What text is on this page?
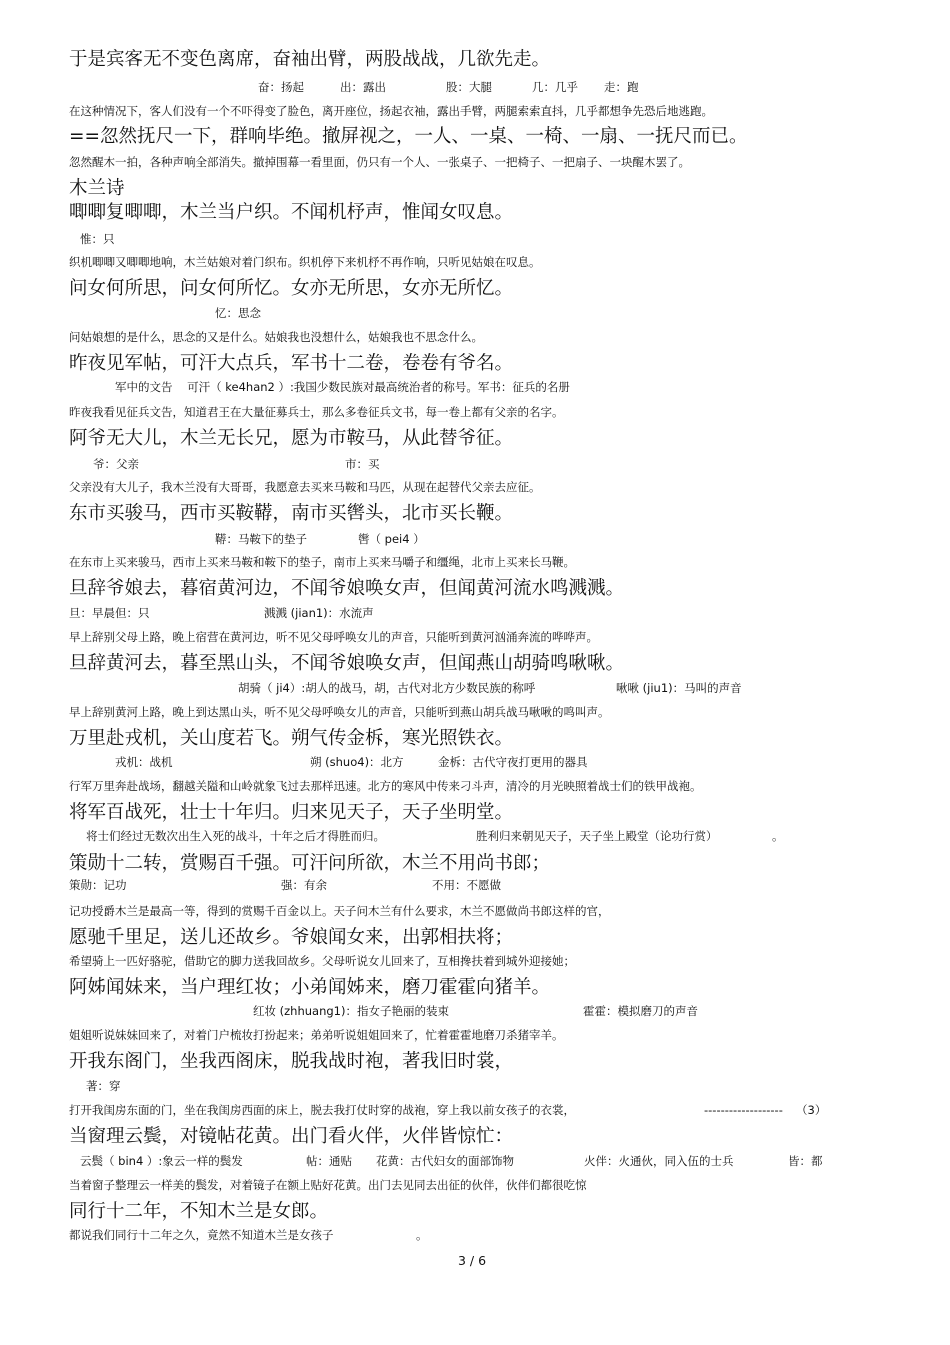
于是宾客无不变色离席，奋袖出臂，两股战战，几欲先走。
奋：扬起	出：露出	股：大腿	几：几乎 走：跑
在这种情况下，客人们没有一个不吓得变了脸色，离开座位，扬起衣袖，露出手臂，两腿索索直抖，几乎都想争先恐后地逃跑。
==忽然抚尺一下，群响毕绝。撤屏视之，一人、一桌、一椅、一扇、一抚尺而已。
忽然醒木一拍，各种声响全部消失。撤掉围幕一看里面，仍只有一个人、一张桌子、一把椅子、一把扇子、一块醒木罢了。
木兰诗
唧唧复唧唧，木兰当户织。不闻机杼声，惟闻女叹息。
惟：只
织机唧唧又唧唧地响，木兰姑娘对着门织布。织机停下来机杼不再作响，只听见姑娘在叹息。
问女何所思，问女何所忆。女亦无所思，女亦无所忆。
忆：思念
问姑娘想的是什么，思念的又是什么。姑娘我也没想什么，姑娘我也不思念什么。
昨夜见军帖，可汗大点兵，军书十二卷，卷卷有爷名。
军中的文告    可汗（ ke4han2 ）:我国少数民族对最高统治者的称号。军书：征兵的名册
昨夜我看见征兵文告，知道君王在大量征募兵士，那么多卷征兵文书，每一卷上都有父亲的名字。
阿爷无大儿，木兰无长兄，愿为市鞍马，从此替爷征。
爷：父亲	市：买
父亲没有大儿子，我木兰没有大哥哥，我愿意去买来马鞍和马匹，从现在起替代父亲去应征。
东市买骏马，西市买鞍鞯，南市买辔头，北市买长鞭。
鞯：马鞍下的垫子	辔（ pei4 ）
在东市上买来骏马，西市上买来马鞍和鞍下的垫子，南市上买来马嚼子和缰绳，北市上买来长马鞭。
旦辞爷娘去，暮宿黄河边，不闻爷娘唤女声，但闻黄河流水鸣溅溅。
旦：早晨但：只	溅溅 (jian1)：水流声
早上辞别父母上路，晚上宿营在黄河边，听不见父母呼唤女儿的声音，只能听到黄河汹涌奔流的哗哗声。
旦辞黄河去，暮至黑山头，不闻爷娘唤女声，但闻燕山胡骑鸣啾啾。
胡骑（ ji4）:胡人的战马，胡，古代对北方少数民族的称呼	啾啾 (jiu1)：马叫的声音
早上辞别黄河上路，晚上到达黑山头，听不见父母呼唤女儿的声音，只能听到燕山胡兵战马啾啾的鸣叫声。
万里赴戎机，关山度若飞。朔气传金柝，寒光照铁衣。
戎机：战机	朔 (shuo4)：北方	金柝：古代守夜打更用的器具
行军万里奔赴战场，翻越关隘和山岭就象飞过去那样迅速。北方的寒风中传来刁斗声，清冷的月光映照着战士们的铁甲战袍。
将军百战死，壮士十年归。归来见天子，天子坐明堂。
将士们经过无数次出生入死的战斗，十年之后才得胜而归。	胜利归来朝见天子，天子坐上殿堂（论功行赏）	。
策勋十二转，赏赐百千强。可汗问所欲，木兰不用尚书郎；
策勋：记功	强：有余	不用：不愿做
记功授爵木兰是最高一等，得到的赏赐千百金以上。天子问木兰有什么要求，木兰不愿做尚书郎这样的官，
愿驰千里足，送儿还故乡。爷娘闻女来，出郭相扶将；
希望骑上一匹好骆驼，借助它的脚力送我回故乡。父母听说女儿回来了，互相搀扶着到城外迎接她；
阿姊闻妹来，当户理红妆；小弟闻姊来，磨刀霍霍向猪羊。
红妆 (zhhuang1)：指女子艳丽的装束	霍霍：模拟磨刀的声音
姐姐听说妹妹回来了，对着门户梳妆打扮起来；弟弟听说姐姐回来了，忙着霍霍地磨刀杀猪宰羊。
开我东阁门，坐我西阁床，脱我战时袍，著我旧时裳，
著：穿
打开我闺房东面的门，坐在我闺房西面的床上，脱去我打仗时穿的战袍，穿上我以前女孩子的衣裳，	------------------- （3）
当窗理云鬓，对镜帖花黄。出门看火伴，火伴皆惊忙：
云鬓（ bin4 ）:象云一样的鬓发	帖：通贴 花黄：古代妇女的面部饰物	火伴：火通伙，同入伍的士兵	皆：都
当着窗子整理云一样美的鬓发，对着镜子在额上贴好花黄。出门去见同去出征的伙伴，伙伴们都很吃惊
同行十二年，不知木兰是女郎。
都说我们同行十二年之久，竟然不知道木兰是女孩子	。
3 / 6
